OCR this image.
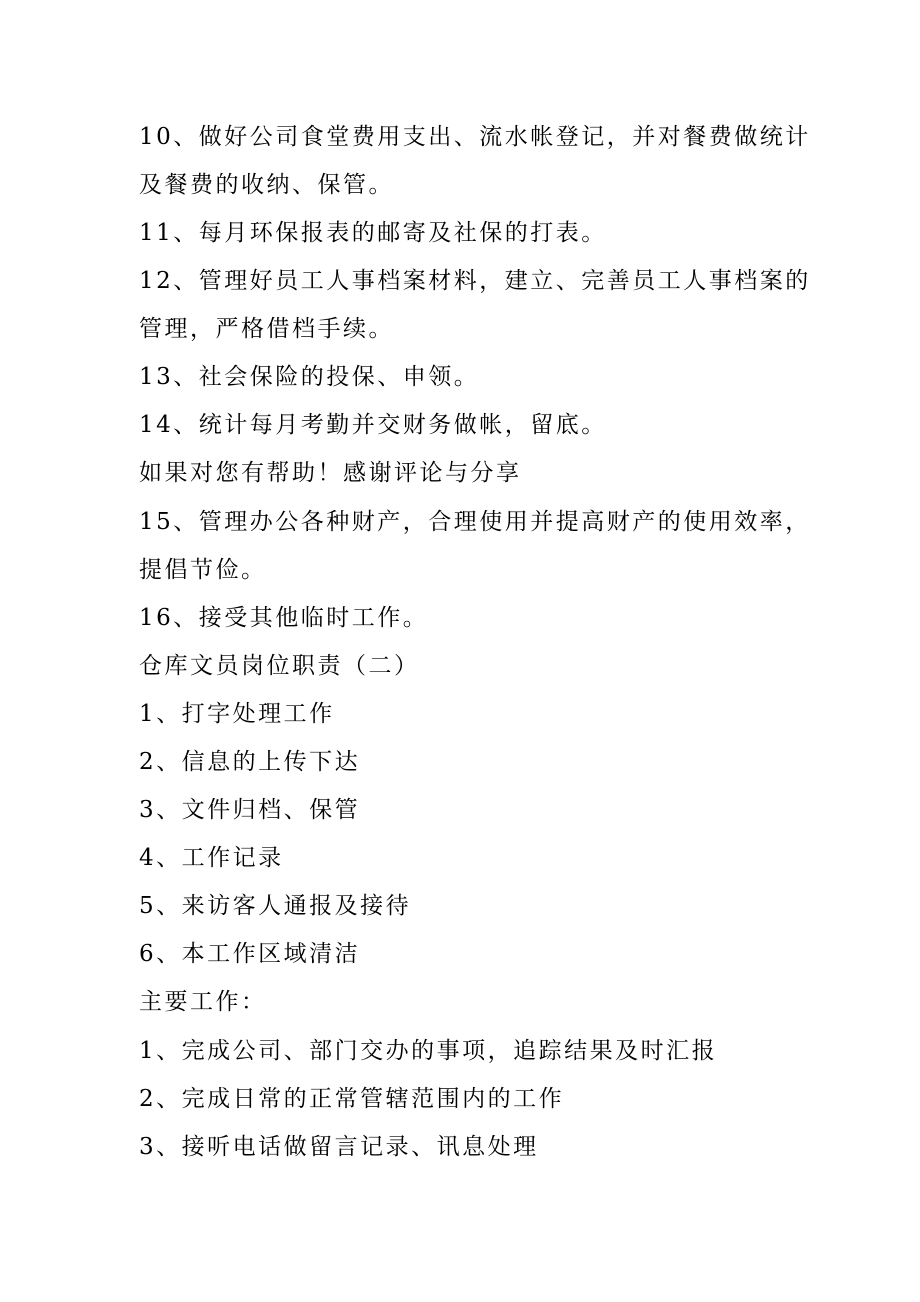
10、做好公司食堂费用支出、流水帐登记，并对餐费做统计
及餐费的收纳、保管。
11、每月环保报表的邮寄及社保的打表。
12、管理好员工人事档案材料，建立、完善员工人事档案的
管理，严格借档手续。
13、社会保险的投保、申领。
14、统计每月考勤并交财务做帐，留底。
如果对您有帮助！感谢评论与分享
15、管理办公各种财产，合理使用并提高财产的使用效率，
提倡节俭。
16、接受其他临时工作。
仓库文员岗位职责（二）
1、打字处理工作
2、信息的上传下达
3、文件归档、保管
4、工作记录
5、来访客人通报及接待
6、本工作区域清洁
主要工作：
1、完成公司、部门交办的事项，追踪结果及时汇报
2、完成日常的正常管辖范围内的工作
3、接听电话做留言记录、讯息处理
